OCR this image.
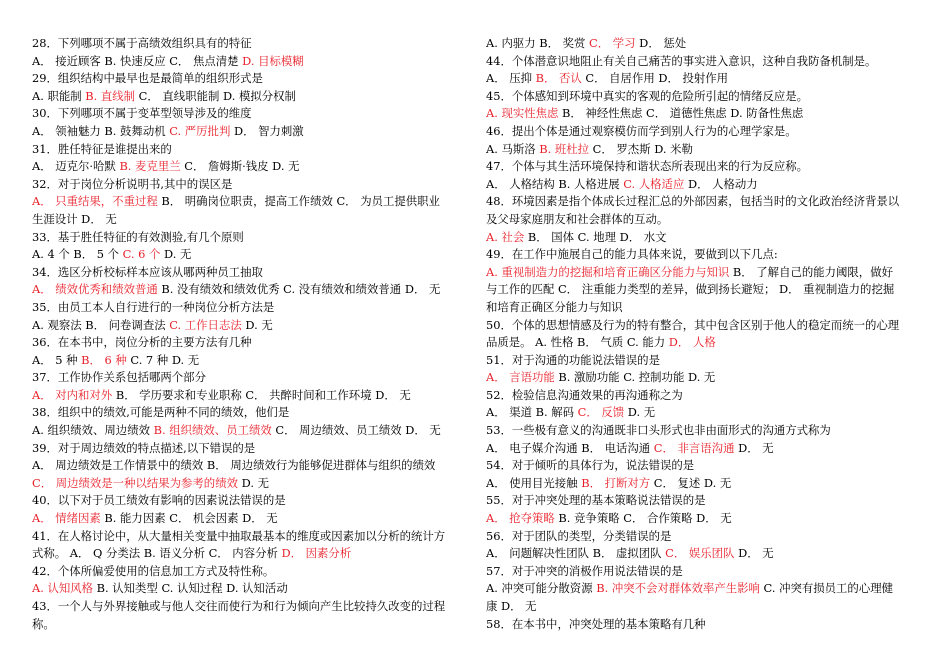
28．下列哪项不属于高绩效组织具有的特征
A． 接近顾客 B. 快速反应 C． 焦点清楚 D. 目标模糊
29．组织结构中最早也是最简单的组织形式是
A. 职能制 B. 直线制 C． 直线职能制 D. 模拟分权制
30．下列哪项不属于变革型领导涉及的维度
A． 领袖魅力 B. 鼓舞动机 C. 严厉批判 D． 智力刺激
31．胜任特征是谁提出来的
A． 迈克尔·哈默 B. 麦克里兰 C． 詹姆斯·钱皮 D. 无
32．对于岗位分析说明书,其中的误区是
A． 只重结果，不重过程 B． 明确岗位职责，提高工作绩效 C． 为员工提供职业
生涯设计 D． 无
33．基于胜任特征的有效测验,有几个原则
A. 4 个 B． 5 个 C. 6 个 D. 无
34．选区分析校标样本应该从哪两种员工抽取
A． 绩效优秀和绩效普通 B. 没有绩效和绩效优秀 C. 没有绩效和绩效普通 D． 无
35．由员工本人自行进行的一种岗位分析方法是
A. 观察法 B． 问卷调查法 C. 工作日志法 D. 无
36．在本书中，岗位分析的主要方法有几种
A． 5 种 B． 6 种 C. 7 种 D. 无
37．工作协作关系包括哪两个部分
A． 对内和对外 B． 学历要求和专业职称 C． 共醉时间和工作环境 D． 无
38．组织中的绩效,可能是两种不同的绩效，他们是
A. 组织绩效、周边绩效 B. 组织绩效、员工绩效 C． 周边绩效、员工绩效 D． 无
39．对于周边绩效的特点描述,以下错误的是
A． 周边绩效是工作情景中的绩效 B． 周边绩效行为能够促进群体与组织的绩效
C． 周边绩效是一种以结果为参考的绩效 D. 无
40．以下对于员工绩效有影响的因素说法错误的是
A． 情绪因素 B. 能力因素 C． 机会因素 D． 无
41．在人格讨论中，从大量相关变量中抽取最基本的维度或因素加以分析的统计方
式称。 A． Q 分类法 B. 语义分析 C． 内容分析 D． 因素分析
42．个体所偏爱使用的信息加工方式及特性称。
A. 认知风格 B. 认知类型 C. 认知过程 D. 认知活动
43．一个人与外界接触或与他人交往而使行为和行为倾向产生比较持久改变的过程
称。
A. 内驱力 B． 奖赏 C． 学习 D． 惩处
44．个体潜意识地阻止有关自己痛苦的事实进入意识，这种自我防备机制是。
A． 压抑 B． 否认 C． 自居作用 D． 投射作用
45．个体感知到环境中真实的客观的危险所引起的情绪反应是。
A. 现实性焦虑 B． 神经性焦虑 C． 道德性焦虑 D. 防备性焦虑
46．提出个体是通过观察模仿而学到别人行为的心理学家是。
A. 马斯洛 B. 班杜拉 C． 罗杰斯 D. 米勒
47．个体与其生活环境保持和谐状态所表现出来的行为反应称。
A． 人格结构 B. 人格进展 C. 人格适应 D． 人格动力
48．环境因素是指个体成长过程汇总的外部因素，包括当时的文化政治经济背景以
及父母家庭朋友和社会群体的互动。
A. 社会 B． 国体 C. 地理 D． 水文
49．在工作中施展自己的能力具体来说，要做到以下几点:
A. 重视制造力的挖掘和培育正确区分能力与知识 B． 了解自己的能力阈限，做好
与工作的匹配 C． 注重能力类型的差异，做到扬长避短； D． 重视制造力的挖掘
和培育正确区分能力与知识
50．个体的思想情感及行为的特有整合，其中包含区别于他人的稳定而统一的心理
品质是。 A. 性格 B． 气质 C. 能力 D． 人格
51．对于沟通的功能说法错误的是
A． 言语功能 B. 激励功能 C. 控制功能 D. 无
52．检验信息沟通效果的再沟通称之为
A． 渠道 B. 解码 C． 反馈 D. 无
53．一些极有意义的沟通既非口头形式也非由面形式的沟通方式称为
A． 电子媒介沟通 B． 电话沟通 C． 非言语沟通 D． 无
54．对于倾听的具体行为，说法错误的是
A． 使用目光接触 B． 打断对方 C． 复述 D. 无
55．对于冲突处理的基本策略说法错误的是
A． 抢夺策略 B. 竞争策略 C． 合作策略 D． 无
56．对于团队的类型，分类错误的是
A． 问题解决性团队 B． 虚拟团队 C． 娱乐团队 D． 无
57．对于冲突的消极作用说法错误的是
A. 冲突可能分散资源 B. 冲突不会对群体效率产生影响 C. 冲突有损员工的心理健
康 D． 无
58．在本书中，冲突处理的基本策略有几种
